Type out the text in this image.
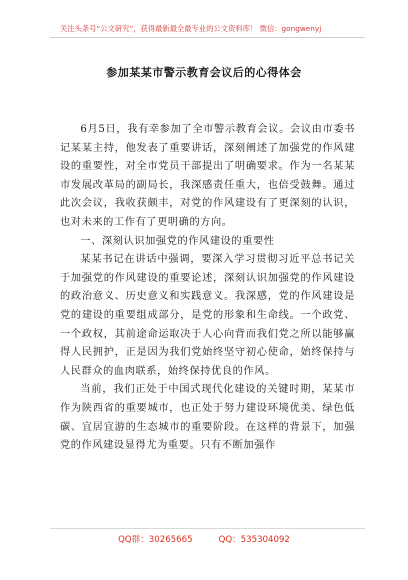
关注头条号“公文研究”，获得最新最全最专业的公文资料库！ 微信：gongwenyj
参加某某市警示教育会议后的心得体会

6月5日，我有幸参加了全市警示教育会议。会议由市委书记某某主持，他发表了重要讲话，深刻阐述了加强党的作风建设的重要性，对全市党员干部提出了明确要求。作为一名某某市发展改革局的副局长，我深感责任重大，也倍受鼓舞。通过此次会议，我收获颇丰，对党的作风建设有了更深刻的认识，也对未来的工作有了更明确的方向。

一、深刻认识加强党的作风建设的重要性

某某书记在讲话中强调，要深入学习贯彻习近平总书记关于加强党的作风建设的重要论述，深刻认识加强党的作风建设的政治意义、历史意义和实践意义。我深感，党的作风建设是党的建设的重要组成部分，是党的形象和生命线。一个政党、一个政权，其前途命运取决于人心向背而我们党之所以能够赢得人民拥护，正是因为我们党始终坚守初心使命，始终保持与人民群众的血肉联系，始终保持优良的作风。

当前，我们正处于中国式现代化建设的关键时期，某某市作为陕西省的重要城市，也正处于努力建设环境优美、绿色低碳、宜居宜游的生态城市的重要阶段。在这样的背景下，加强党的作风建设显得尤为重要。只有不断加强作

QQ群：30265665	QQ：535304092
